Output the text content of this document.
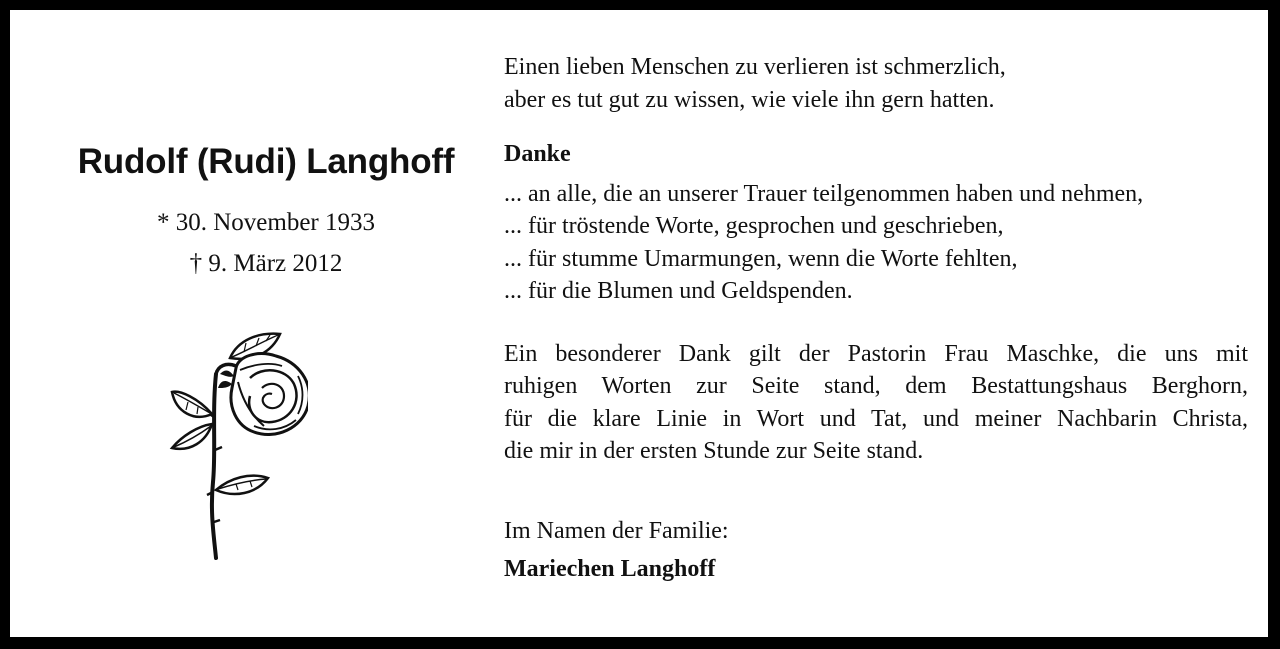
Rudolf (Rudi) Langhoff
* 30. November 1933
† 9. März 2012

Einen lieben Menschen zu verlieren ist schmerzlich,
aber es tut gut zu wissen, wie viele ihn gern hatten.

Danke

... an alle, die an unserer Trauer teilgenommen haben und nehmen,
... für tröstende Worte, gesprochen und geschrieben,
... für stumme Umarmungen, wenn die Worte fehlten,
... für die Blumen und Geldspenden.

Ein besonderer Dank gilt der Pastorin Frau Maschke, die uns mit
ruhigen Worten zur Seite stand, dem Bestattungshaus Berghorn,
für die klare Linie in Wort und Tat, und meiner Nachbarin Christa,
die mir in der ersten Stunde zur Seite stand.

Im Namen der Familie:
Mariechen Langhoff
